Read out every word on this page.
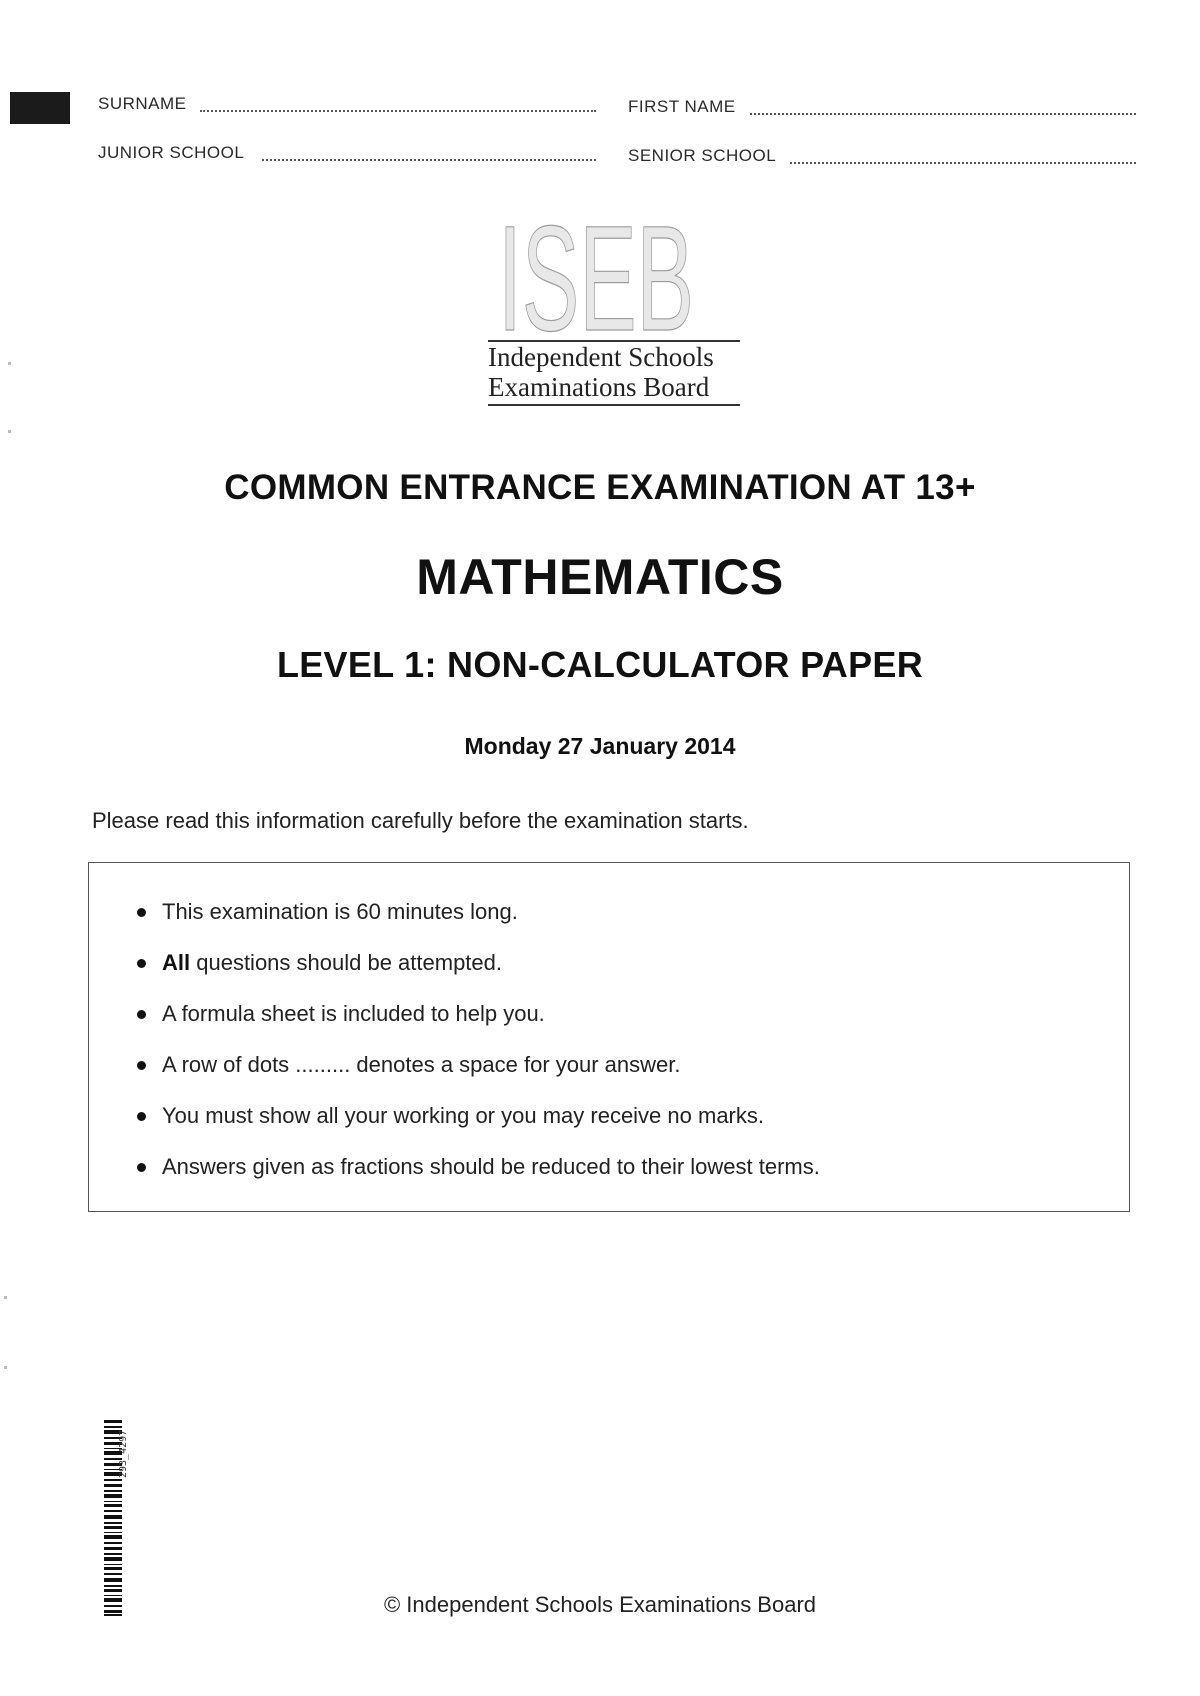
SURNAME	FIRST NAME
JUNIOR SCHOOL	SENIOR SCHOOL
ISEB
Independent Schools
Examinations Board
COMMON ENTRANCE EXAMINATION AT 13+
MATHEMATICS
LEVEL 1: NON-CALCULATOR PAPER
Monday 27 January 2014
Please read this information carefully before the examination starts.
This examination is 60 minutes long.
All questions should be attempted.
A formula sheet is included to help you.
A row of dots ......... denotes a space for your answer.
You must show all your working or you may receive no marks.
Answers given as fractions should be reduced to their lowest terms.
293_4297
© Independent Schools Examinations Board
